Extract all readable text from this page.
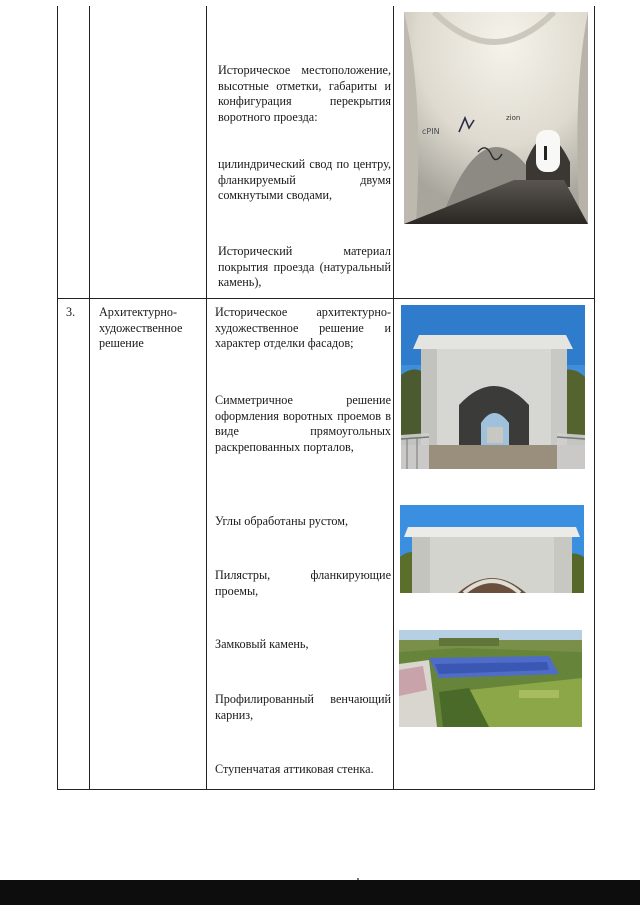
Историческое местоположение, высотные отметки, габариты и конфигурация перекрытия воротного проезда:
цилиндрический свод по центру, фланкируемый двумя сомкнутыми сводами,
Исторический материал покрытия проезда (натуральный камень),
3.	Архитектурно-художественное решение
Историческое архитектурно-художественное решение и характер отделки фасадов;
Симметричное решение оформления воротных проемов в виде прямоугольных раскрепованных порталов,
Углы обработаны рустом,
Пилястры, фланкирующие проемы,
Замковый камень,
Профилированный венчающий карниз,
Ступенчатая аттиковая стенка.
cPIN
zion
